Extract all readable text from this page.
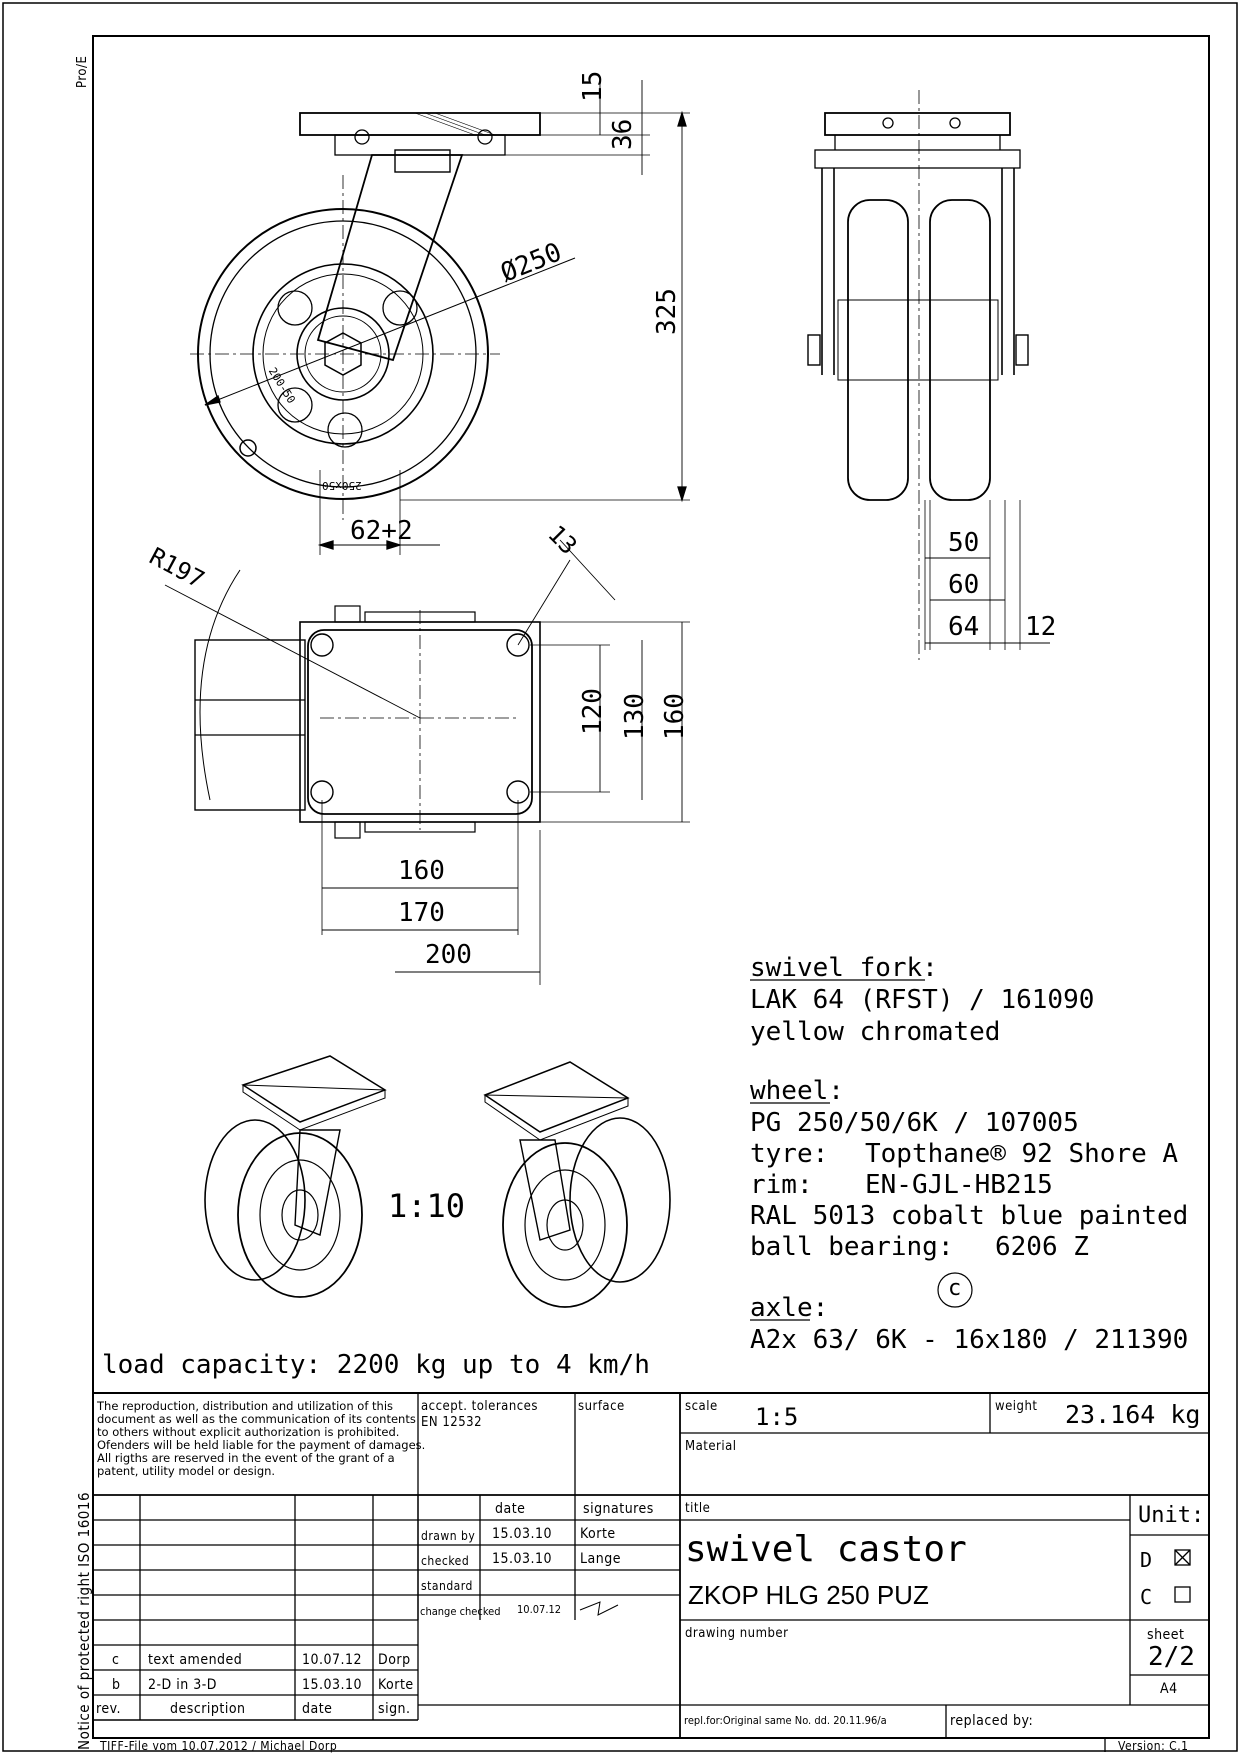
Pro/E
Notice of protected right ISO 16016
15
36
325
Ø250
62+2
200-50
250x50
R197
13
120 130 160
160
170
200
50
60
64 12
1:10
swivel fork:
LAK 64 (RFST) / 161090
yellow chromated
wheel:
PG 250/50/6K / 107005
tyre: Topthane® 92 Shore A
rim: EN-GJL-HB215
RAL 5013 cobalt blue painted
ball bearing: 6206 Z
c
axle:
A2x 63/ 6K - 16x180 / 211390
load capacity: 2200 kg up to 4 km/h
The reproduction, distribution and utilization of this document as well as the communication of its contents to others without explicit authorization is prohibited. Ofenders will be held liable for the payment of damages. All rigths are reserved in the event of the grant of a patent, utility model or design.
accept. tolerances
EN 12532
surface	scale 1:5	weight 23.164 kg
Material
date	signatures
drawn by 15.03.10 Korte
checked 15.03.10 Lange
standard
change checked 10.07.12
title
swivel castor
ZKOP HLG 250 PUZ
Unit:
D
C
drawing number	sheet
2/2
A4
repl.for:Original same No. dd. 20.11.96/a	replaced by:
c text amended	10.07.12 Dorp
b 2-D in 3-D	15.03.10 Korte
rev.	description	date	sign.
TIFF-File vom 10.07.2012 / Michael Dorp	Version: C.1
